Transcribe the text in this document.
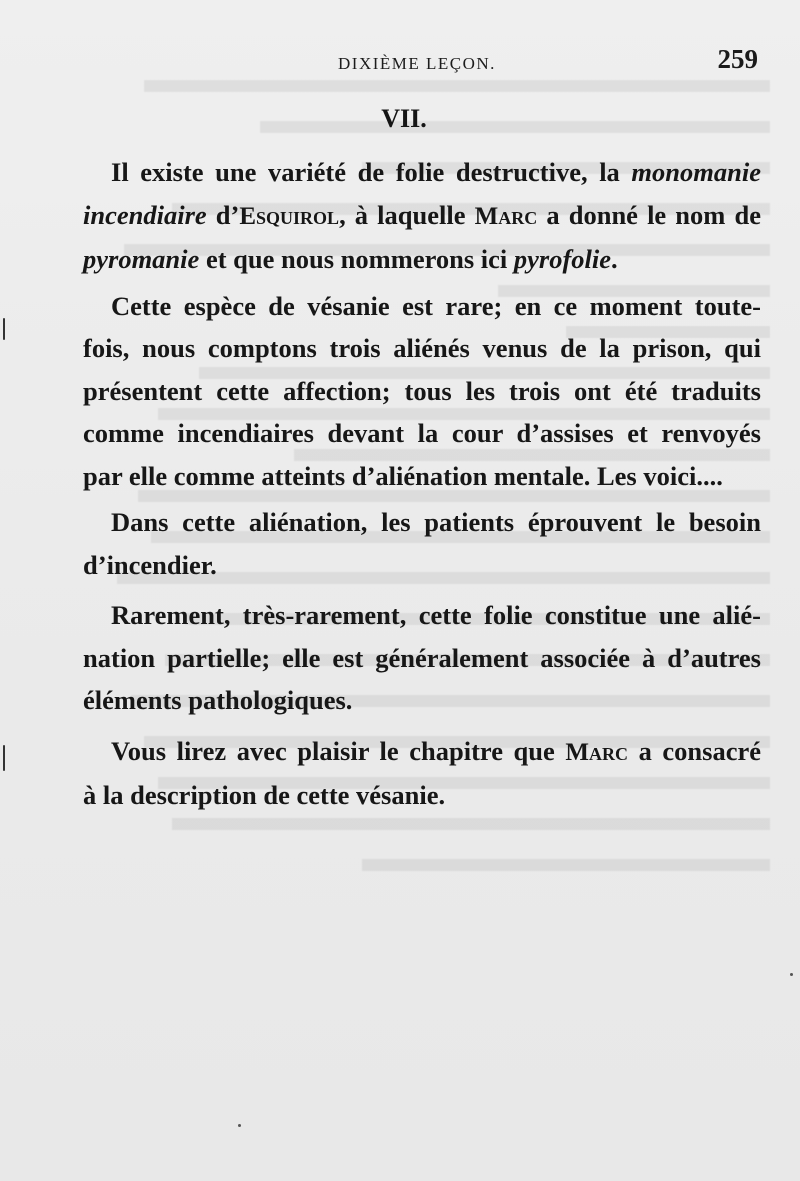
DIXIÈME LEÇON.	259
VII.
Il existe une variété de folie destructive, la monomanie
incendiaire d’Esquirol, à laquelle Marc a donné le nom de
pyromanie et que nous nommerons ici pyrofolie.
Cette espèce de vésanie est rare; en ce moment toute-
fois, nous comptons trois aliénés venus de la prison, qui
présentent cette affection; tous les trois ont été traduits
comme incendiaires devant la cour d’assises et renvoyés
par elle comme atteints d’aliénation mentale. Les voici....
Dans cette aliénation, les patients éprouvent le besoin
d’incendier.
Rarement, très-rarement, cette folie constitue une alié-
nation partielle; elle est généralement associée à d’autres
éléments pathologiques.
Vous lirez avec plaisir le chapitre que Marc a consacré
à la description de cette vésanie.
